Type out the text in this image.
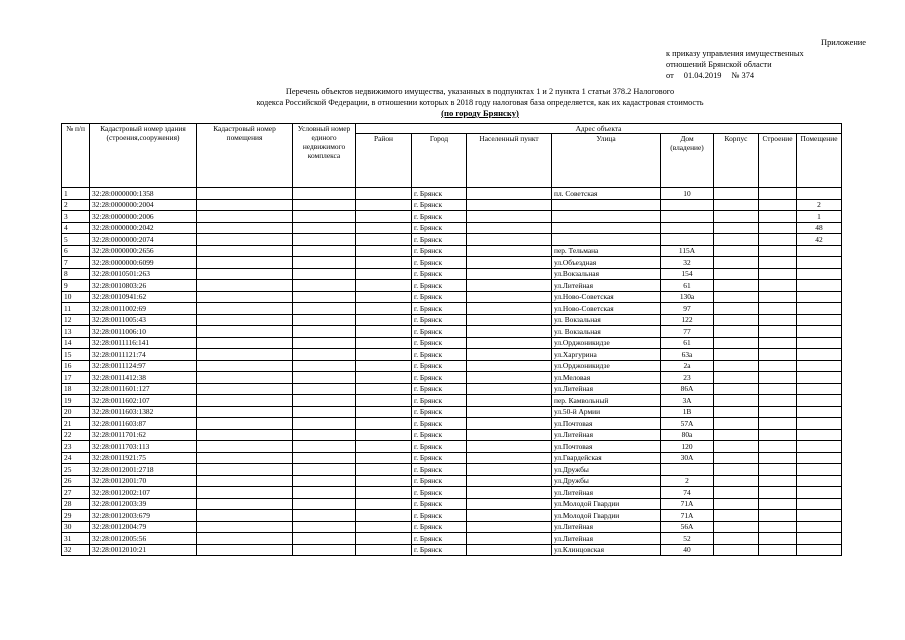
Приложение
к приказу управления имущественных
отношений Брянской области
от 01.04.2019 № 374
Перечень объектов недвижимого имущества, указанных в подпунктах 1 и 2 пункта 1 статьи 378.2 Налогового
кодекса Российской Федерации, в отношении которых в 2018 году налоговая база определяется, как их кадастровая стоимость
(по городу Брянску)
№ п/п	Кадастровый номер здания (строения,сооружения)	Кадастровый номер помещения	Условный номер единого недвижимого комплекса	Адрес объекта							
				Район	Город	Населенный пункт	Улица	Дом (владение)	Корпус	Строение	Помещение
1	32:28:0000000:1358				г. Брянск		пл. Советская	10			
2	32:28:0000000:2004				г. Брянск						2
3	32:28:0000000:2006				г. Брянск						1
4	32:28:0000000:2042				г. Брянск						48
5	32:28:0000000:2074				г. Брянск						42
6	32:28:0000000:2656				г. Брянск		пер. Тельмана	115А			
7	32:28:0000000:6099				г. Брянск		ул.Объездная	32			
8	32:28:0010501:263				г. Брянск		ул.Вокзальная	154			
9	32:28:0010803:26				г. Брянск		ул.Литейная	61			
10	32:28:0010941:62				г. Брянск		ул.Ново-Советская	130а			
11	32:28:0011002:69				г. Брянск		ул.Ново-Советская	97			
12	32:28:0011005:43				г. Брянск		ул. Вокзальная	122			
13	32:28:0011006:10				г. Брянск		ул. Вокзальная	77			
14	32:28:0011116:141				г. Брянск		ул.Орджоникидзе	61			
15	32:28:0011121:74				г. Брянск		ул.Харгурина	63а			
16	32:28:0011124:97				г. Брянск		ул.Орджоникидзе	2а			
17	32:28:0011412:38				г. Брянск		ул.Меловая	23			
18	32:28:0011601:127				г. Брянск		ул.Литейная	86А			
19	32:28:0011602:107				г. Брянск		пер. Камвольный	3А			
20	32:28:0011603:1382				г. Брянск		ул.50-й Армии	1В			
21	32:28:0011603:87				г. Брянск		ул.Почтовая	57А			
22	32:28:0011701:62				г. Брянск		ул.Литейная	80а			
23	32:28:0011703:113				г. Брянск		ул.Почтовая	120			
24	32:28:0011921:75				г. Брянск		ул.Гвардейская	30А			
25	32:28:0012001:2718				г. Брянск		ул.Дружбы				
26	32:28:0012001:70				г. Брянск		ул.Дружбы	2			
27	32:28:0012002:107				г. Брянск		ул.Литейная	74			
28	32:28:0012003:39				г. Брянск		ул.Молодой Гвардии	71А			
29	32:28:0012003:679				г. Брянск		ул.Молодой Гвардии	71А			
30	32:28:0012004:79				г. Брянск		ул.Литейная	56А			
31	32:28:0012005:56				г. Брянск		ул.Литейная	52			
32	32:28:0012010:21				г. Брянск		ул.Клинцовская	40			
